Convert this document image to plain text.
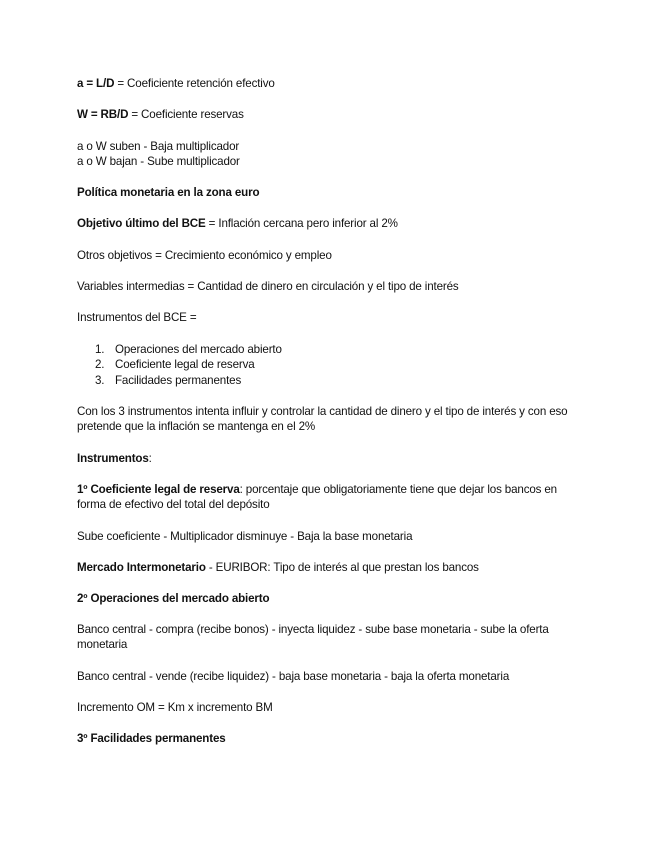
a = L/D = Coeficiente retención efectivo
W = RB/D = Coeficiente reservas
a o W suben - Baja multiplicador
a o W bajan - Sube multiplicador
Política monetaria en la zona euro
Objetivo último del BCE = Inflación cercana pero inferior al 2%
Otros objetivos = Crecimiento económico y empleo
Variables intermedias = Cantidad de dinero en circulación y el tipo de interés
Instrumentos del BCE =
1. Operaciones del mercado abierto
2. Coeficiente legal de reserva
3. Facilidades permanentes
Con los 3 instrumentos intenta influir y controlar la cantidad de dinero y el tipo de interés y con eso pretende que la inflación se mantenga en el 2%
Instrumentos:
1º Coeficiente legal de reserva: porcentaje que obligatoriamente tiene que dejar los bancos en forma de efectivo del total del depósito
Sube coeficiente - Multiplicador disminuye - Baja la base monetaria
Mercado Intermonetario - EURIBOR: Tipo de interés al que prestan los bancos
2º Operaciones del mercado abierto
Banco central - compra (recibe bonos) - inyecta liquidez - sube base monetaria - sube la oferta monetaria
Banco central - vende (recibe liquidez) - baja base monetaria - baja la oferta monetaria
Incremento OM = Km x incremento BM
3º Facilidades permanentes
